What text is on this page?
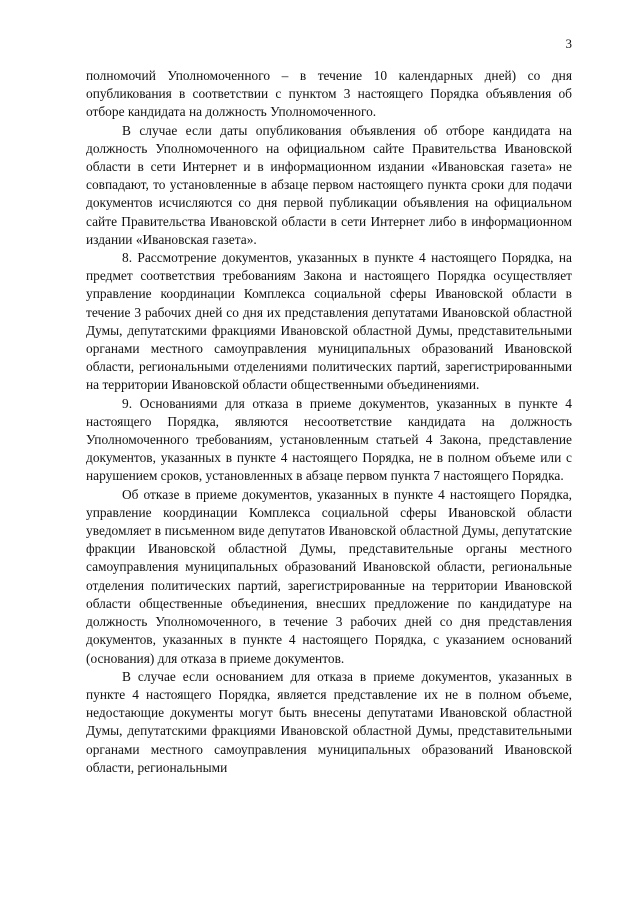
3

полномочий Уполномоченного – в течение 10 календарных дней) со дня опубликования в соответствии с пунктом 3 настоящего Порядка объявления об отборе кандидата на должность Уполномоченного.

В случае если даты опубликования объявления об отборе кандидата на должность Уполномоченного на официальном сайте Правительства Ивановской области в сети Интернет и в информационном издании «Ивановская газета» не совпадают, то установленные в абзаце первом настоящего пункта сроки для подачи документов исчисляются со дня первой публикации объявления на официальном сайте Правительства Ивановской области в сети Интернет либо в информационном издании «Ивановская газета».

8. Рассмотрение документов, указанных в пункте 4 настоящего Порядка, на предмет соответствия требованиям Закона и настоящего Порядка осуществляет управление координации Комплекса социальной сферы Ивановской области в течение 3 рабочих дней со дня их представления депутатами Ивановской областной Думы, депутатскими фракциями Ивановской областной Думы, представительными органами местного самоуправления муниципальных образований Ивановской области, региональными отделениями политических партий, зарегистрированными на территории Ивановской области общественными объединениями.

9. Основаниями для отказа в приеме документов, указанных в пункте 4 настоящего Порядка, являются несоответствие кандидата на должность Уполномоченного требованиям, установленным статьей 4 Закона, представление документов, указанных в пункте 4 настоящего Порядка, не в полном объеме или с нарушением сроков, установленных в абзаце первом пункта 7 настоящего Порядка.

Об отказе в приеме документов, указанных в пункте 4 настоящего Порядка, управление координации Комплекса социальной сферы Ивановской области уведомляет в письменном виде депутатов Ивановской областной Думы, депутатские фракции Ивановской областной Думы, представительные органы местного самоуправления муниципальных образований Ивановской области, региональные отделения политических партий, зарегистрированные на территории Ивановской области общественные объединения, внесших предложение по кандидатуре на должность Уполномоченного, в течение 3 рабочих дней со дня представления документов, указанных в пункте 4 настоящего Порядка, с указанием оснований (основания) для отказа в приеме документов.

В случае если основанием для отказа в приеме документов, указанных в пункте 4 настоящего Порядка, является представление их не в полном объеме, недостающие документы могут быть внесены депутатами Ивановской областной Думы, депутатскими фракциями Ивановской областной Думы, представительными органами местного самоуправления муниципальных образований Ивановской области, региональными
